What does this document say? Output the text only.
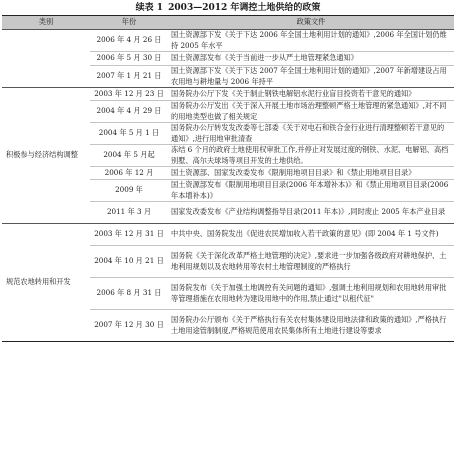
续表 1 2003—2012 年调控土地供给的政策
类别	年份	政策文件
	2006 年 4 月 26 日	国土资源部下发《关于下达 2006 年全国土地利用计划的通知》,2006 年全国计划仍维持 2005 年水平
	2006 年 5 月 30 日	国土资源部发布《关于当前进一步从严土地管理紧急通知》
	2007 年 1 月 21 日	国土资源部下发《关于下达 2007 年全国土地利用计划的通知》,2007 年新增建设占用农用地与耕地量与 2006 年持平
积极参与经济结构调整	2003 年 12 月 23 日	国务院办公厅下发《关于制止钢铁电解铝水泥行业盲目投资若干意见的通知》
	2004 年 4 月 29 日	国务院办公厅发出《关于深入开展土地市场治理整顿严格土地管理的紧急通知》,对不同的用地类型也做了相关规定
	2004 年 5 月 1 日	国务院办公厅转发发改委等七部委《关于对电石和铁合金行业进行清理整顿若干意见的通知》,进行用地审批清查
	2004 年 5 月起	冻结 6 个月的政府土地使用权审批工作,并停止对发展过度的钢铁、水泥、电解铝、高档别墅、高尔夫球场等项目开发的土地供给。
	2006 年 12 月	国土资源部、国家发改委发布《限制用地项目目录》和《禁止用地项目目录》
	2009 年	国土资源部发布《限制用地项目目录(2006 年本增补本)》和《禁止用地项目目录(2006 年本增补本)》
	2011 年 3 月	国家发改委发布《产业结构调整指导目录(2011 年本)》,同时废止 2005 年本产业目录
规范农地转用和开发	2003 年 12 月 31 日	中共中央、国务院发出《促进农民增加收入若干政策的意见》(即 2004 年 1 号文件)
	2004 年 10 月 21 日	国务院《关于深化改革严格土地管理的决定》,要求进一步加强各级政府对耕地保护、土地利用规划以及农地转用等农村土地管理制度的严格执行
	2006 年 8 月 31 日	国务院发布《关于加强土地调控有关问题的通知》,强调土地利用规划和农用地转用审批等管理措施在农用地转为建设用地中的作用,禁止通过"以租代征"
	2007 年 12 月 30 日	国务院办公厅颁布《关于严格执行有关农村集体建设用地法律和政策的通知》,严格执行土地用途管制制度,严格规范使用农民集体所有土地进行建设等要求
